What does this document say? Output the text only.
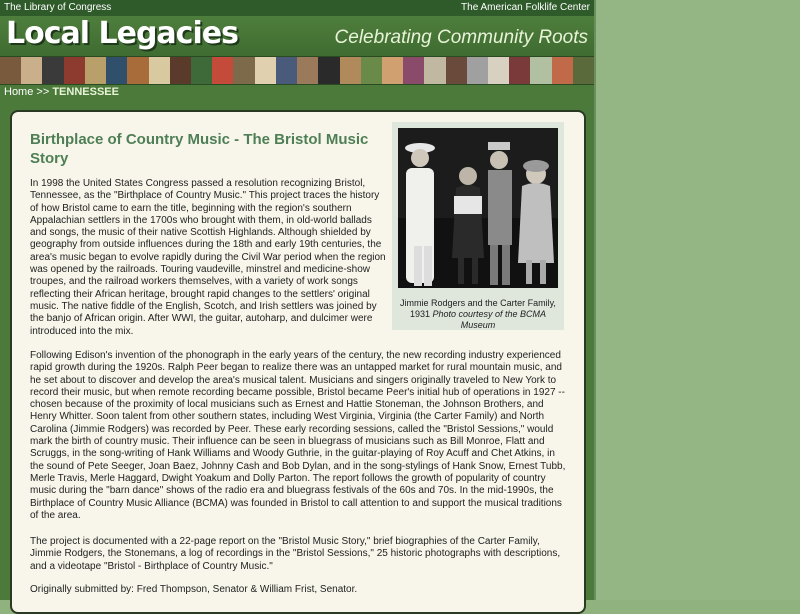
The Library of Congress	The American Folklife Center
Local Legacies	Celebrating Community Roots
Home >> TENNESSEE
Birthplace of Country Music - The Bristol Music Story

In 1998 the United States Congress passed a resolution recognizing Bristol, Tennessee, as the "Birthplace of Country Music." This project traces the history of how Bristol came to earn the title, beginning with the region's southern Appalachian settlers in the 1700s who brought with them, in old-world ballads and songs, the music of their native Scottish Highlands. Although shielded by geography from outside influences during the 18th and early 19th centuries, the area's music began to evolve rapidly during the Civil War period when the region was opened by the railroads. Touring vaudeville, minstrel and medicine-show troupes, and the railroad workers themselves, with a variety of work songs reflecting their African heritage, brought rapid changes to the settlers' original music. The native fiddle of the English, Scotch, and Irish settlers was joined by the banjo of African origin. After WWI, the guitar, autoharp, and dulcimer were introduced into the mix.

Following Edison's invention of the phonograph in the early years of the century, the new recording industry experienced rapid growth during the 1920s. Ralph Peer began to realize there was an untapped market for rural mountain music, and he set about to discover and develop the area's musical talent. Musicians and singers originally traveled to New York to record their music, but when remote recording became possible, Bristol became Peer's initial hub of operations in 1927 -- chosen because of the proximity of local musicians such as Ernest and Hattie Stoneman, the Johnson Brothers, and Henry Whitter. Soon talent from other southern states, including West Virginia, Virginia (the Carter Family) and North Carolina (Jimmie Rodgers) was recorded by Peer. These early recording sessions, called the "Bristol Sessions," would mark the birth of country music. Their influence can be seen in bluegrass of musicians such as Bill Monroe, Flatt and Scruggs, in the song-writing of Hank Williams and Woody Guthrie, in the guitar-playing of Roy Acuff and Chet Atkins, in the sound of Pete Seeger, Joan Baez, Johnny Cash and Bob Dylan, and in the song-stylings of Hank Snow, Ernest Tubb, Merle Travis, Merle Haggard, Dwight Yoakum and Dolly Parton. The report follows the growth of popularity of country music during the "barn dance" shows of the radio era and bluegrass festivals of the 60s and 70s. In the mid-1990s, the Birthplace of Country Music Alliance (BCMA) was founded in Bristol to call attention to and support the musical traditions of the area.

The project is documented with a 22-page report on the "Bristol Music Story," brief biographies of the Carter Family, Jimmie Rodgers, the Stonemans, a log of recordings in the "Bristol Sessions," 25 historic photographs with descriptions, and a videotape "Bristol - Birthplace of Country Music."

Originally submitted by: Fred Thompson, Senator & William Frist, Senator.

Jimmie Rodgers and the Carter Family, 1931 Photo courtesy of the BCMA Museum
